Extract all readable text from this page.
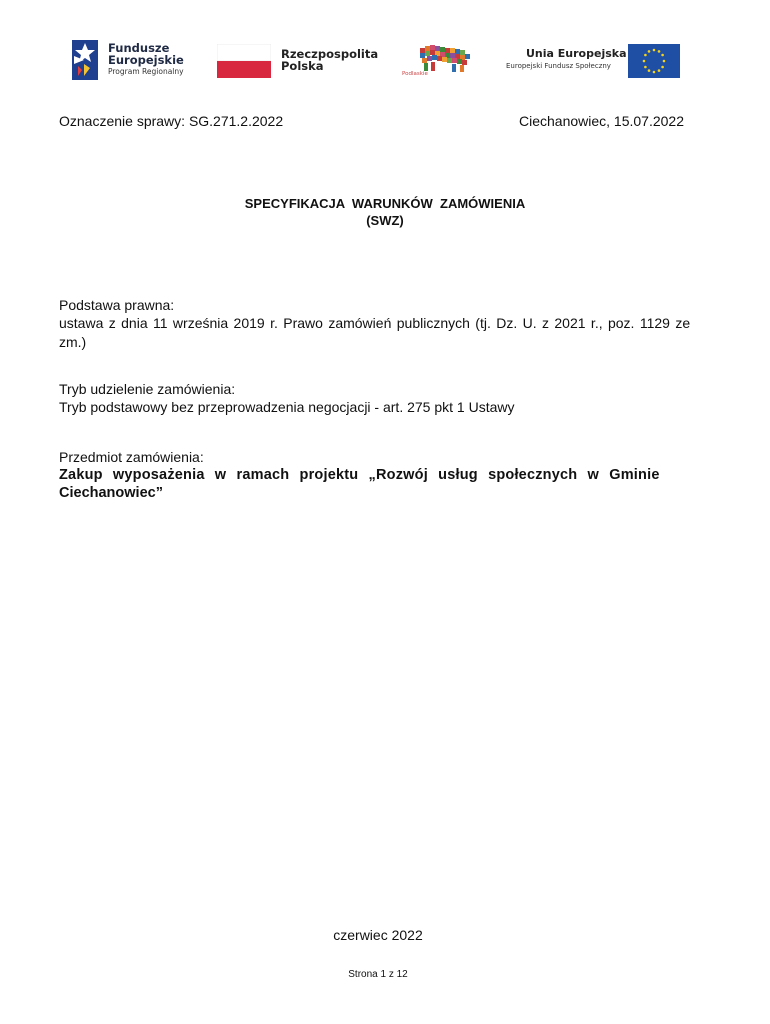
Fundusze
Europejskie
Program Regionalny
Rzeczpospolita
Polska
Podlaskie
Unia Europejska
Europejski Fundusz Społeczny
Oznaczenie sprawy: SG.271.2.2022	Ciechanowiec, 15.07.2022
SPECYFIKACJA  WARUNKÓW  ZAMÓWIENIA
(SWZ)
Podstawa prawna:
ustawa z dnia 11 września 2019 r. Prawo zamówień publicznych (tj. Dz. U. z 2021 r., poz. 1129 ze
zm.)
Tryb udzielenie zamówienia:
Tryb podstawowy bez przeprowadzenia negocjacji - art. 275 pkt 1 Ustawy
Przedmiot zamówienia:
Zakup wyposażenia w ramach projektu „Rozwój usług społecznych w Gminie
Ciechanowiec”
czerwiec 2022
Strona 1 z 12
